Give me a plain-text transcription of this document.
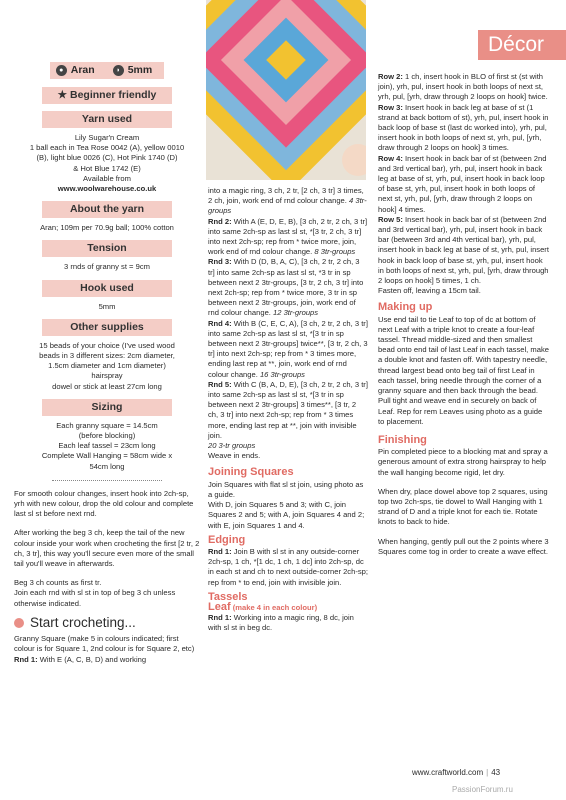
Décor
● Aran	◗ 5mm
★ Beginner friendly
Yarn used
Lily Sugar'n Cream
1 ball each in Tea Rose 0042 (A), yellow 0010
(B), light blue 0026 (C), Hot Pink 1740 (D)
& Hot Blue 1742 (E)
Available from
www.woolwarehouse.co.uk
About the yarn
Aran; 109m per 70.9g ball; 100% cotton
Tension
3 rnds of granny st = 9cm
Hook used
5mm
Other supplies
15 beads of your choice (I've used wood
beads in 3 different sizes: 2cm diameter,
1.5cm diameter and 1cm diameter)
hairspray
dowel or stick at least 27cm long
Sizing
Each granny square = 14.5cm
(before blocking)
Each leaf tassel = 23cm long
Complete Wall Hanging = 58cm wide x
54cm long

For smooth colour changes, insert hook into 2ch-sp, yrh with new colour, drop the old colour and complete last sl st before next rnd.

After working the beg 3 ch, keep the tail of the new colour inside your work when crocheting the first [2 tr, 2 ch, 3 tr], this way you'll secure even more of the small tail you'll weave in afterwards.

Beg 3 ch counts as first tr.

Join each rnd with sl st in top of beg 3 ch unless otherwise indicated.

Start crocheting...

Granny Square (make 5 in colours indicated; first colour is for Square 1, 2nd colour is for Square 2, etc)

Rnd 1: With E (A, C, B, D) and working

into a magic ring, 3 ch, 2 tr, [2 ch, 3 tr] 3 times, 2 ch, join, work end of rnd colour change. 4 3tr-groups

Rnd 2: With A (E, D, E, B), [3 ch, 2 tr, 2 ch, 3 tr] into same 2ch-sp as last sl st, *[3 tr, 2 ch, 3 tr] into next 2ch-sp; rep from * twice more, join, work end of rnd colour change. 8 3tr-groups

Rnd 3: With D (D, B, A, C), [3 ch, 2 tr, 2 ch, 3 tr] into same 2ch-sp as last sl st, *3 tr in sp between next 2 3tr-groups, [3 tr, 2 ch, 3 tr] into next 2ch-sp; rep from * twice more, 3 tr in sp between next 2 3tr-groups, join, work end of rnd colour change. 12 3tr-groups

Rnd 4: With B (C, E, C, A), [3 ch, 2 tr, 2 ch, 3 tr] into same 2ch-sp as last sl st, *[3 tr in sp between next 2 3tr-groups] twice**, [3 tr, 2 ch, 3 tr] into next 2ch-sp; rep from * 3 times more, ending last rep at **, join, work end of rnd colour change. 16 3tr-groups

Rnd 5: With C (B, A, D, E), [3 ch, 2 tr, 2 ch, 3 tr] into same 2ch-sp as last sl st, *[3 tr in sp between next 2 3tr-groups] 3 times**, [3 tr, 2 ch, 3 tr] into next 2ch-sp; rep from * 3 times more, ending last rep at **, join with invisible join.
20 3-tr groups

Weave in ends.

Joining Squares

Join Squares with flat sl st join, using photo as a guide.

With D, join Squares 5 and 3; with C, join Squares 2 and 5; with A, join Squares 4 and 2; with E, join Squares 1 and 4.

Edging

Rnd 1: Join B with sl st in any outside-corner 2ch-sp, 1 ch, *[1 dc, 1 ch, 1 dc] into 2ch-sp, dc in each st and ch to next outside-corner 2ch-sp; rep from * to end, join with invisible join.

Tassels
Leaf (make 4 in each colour)

Rnd 1: Working into a magic ring, 8 dc, join with sl st in beg dc.

Row 2: 1 ch, insert hook in BLO of first st (st with join), yrh, pul, insert hook in both loops of next st, yrh, pul, [yrh, draw through 2 loops on hook] twice.

Row 3: Insert hook in back leg at base of st (1 strand at back bottom of st), yrh, pul, insert hook in back loop of base st (last dc worked into), yrh, pul, insert hook in both loops of next st, yrh, pul, [yrh, draw through 2 loops on hook] 3 times.

Row 4: Insert hook in back bar of st (between 2nd and 3rd vertical bar), yrh, pul, insert hook in back leg at base of st, yrh, pul, insert hook in back loop of base st, yrh, pul, insert hook in both loops of next st, yrh, pul, [yrh, draw through 2 loops on hook] 4 times.

Row 5: Insert hook in back bar of st (between 2nd and 3rd vertical bar), yrh, pul, insert hook in back bar (between 3rd and 4th vertical bar), yrh, pul, insert hook in back leg at base of st, yrh, pul, insert hook in back loop of base st, yrh, pul, insert hook in both loops of next st, yrh, pul, [yrh, draw through 2 loops on hook] 5 times, 1 ch.

Fasten off, leaving a 15cm tail.

Making up

Use end tail to tie Leaf to top of dc at bottom of next Leaf with a triple knot to create a four-leaf tassel. Thread middle-sized and then smallest bead onto end tail of last Leaf in each tassel, make a double knot and fasten off. With tapestry needle, thread largest bead onto beg tail of first Leaf in each tassel, bring needle through the corner of a granny square and then back through the bead. Pull tight and weave end in securely on back of Leaf. Rep for rem Leaves using photo as a guide to placement.

Finishing

Pin completed piece to a blocking mat and spray a generous amount of extra strong hairspray to help the wall hanging become rigid, let dry.

When dry, place dowel above top 2 squares, using top two 2ch-sps, tie dowel to Wall Hanging with 1 strand of D and a triple knot for each tie. Rotate knots to back to hide.

When hanging, gently pull out the 2 points where 3 Squares come tog in order to create a wave effect.

www.craftworld.com | 43
PassionForum.ru
